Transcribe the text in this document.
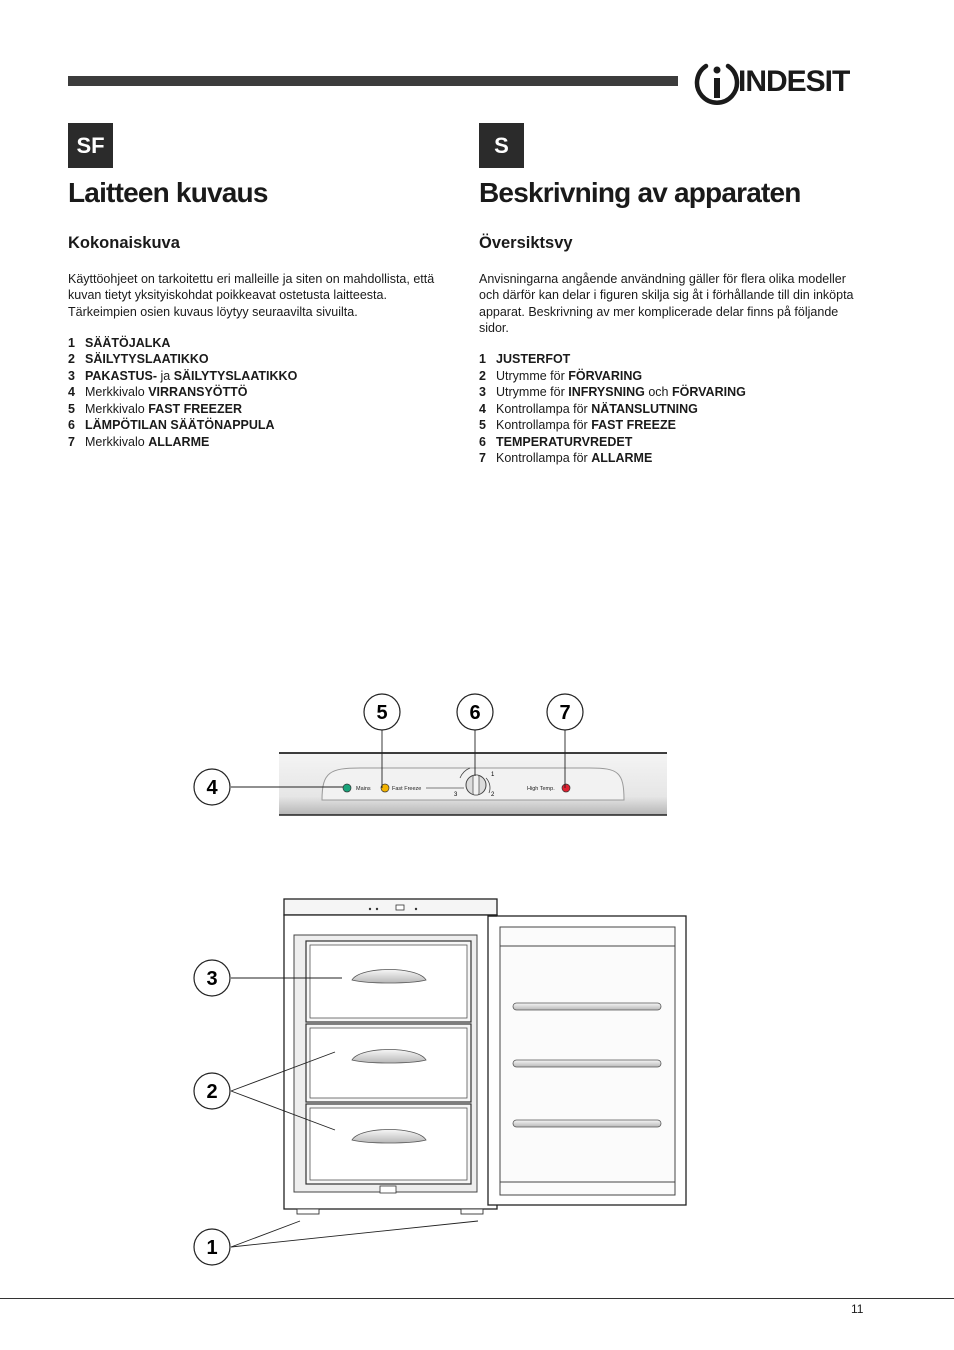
INDESIT
SF
Laitteen kuvaus
Kokonaiskuva

Käyttöohjeet on tarkoitettu eri malleille ja siten on mahdollista, että kuvan tietyt yksityiskohdat poikkeavat ostetusta laitteesta. Tärkeimpien osien kuvaus löytyy seuraavilta sivuilta.

1 SÄÄTÖJALKA
2 SÄILYTYSLAATIKKO
3 PAKASTUS- ja SÄILYTYSLAATIKKO
4 Merkkivalo VIRRANSYÖTTÖ
5 Merkkivalo FAST FREEZER
6 LÄMPÖTILAN SÄÄTÖNAPPULA
7 Merkkivalo ALLARME
S
Beskrivning av apparaten
Översiktsvy

Anvisningarna angående användning gäller för flera olika modeller och därför kan delar i figuren skilja sig åt i förhållande till din inköpta apparat. Beskrivning av mer komplicerade delar finns på följande sidor.

1 JUSTERFOT
2 Utrymme för FÖRVARING
3 Utrymme för INFRYSNING och FÖRVARING
4 Kontrollampa för NÄTANSLUTNING
5 Kontrollampa för FAST FREEZE
6 TEMPERATURVREDET
7 Kontrollampa för ALLARME
Mains	Fast Freeze	High Temp.
1
2
3
1
2
3
4
5	6	7
11
